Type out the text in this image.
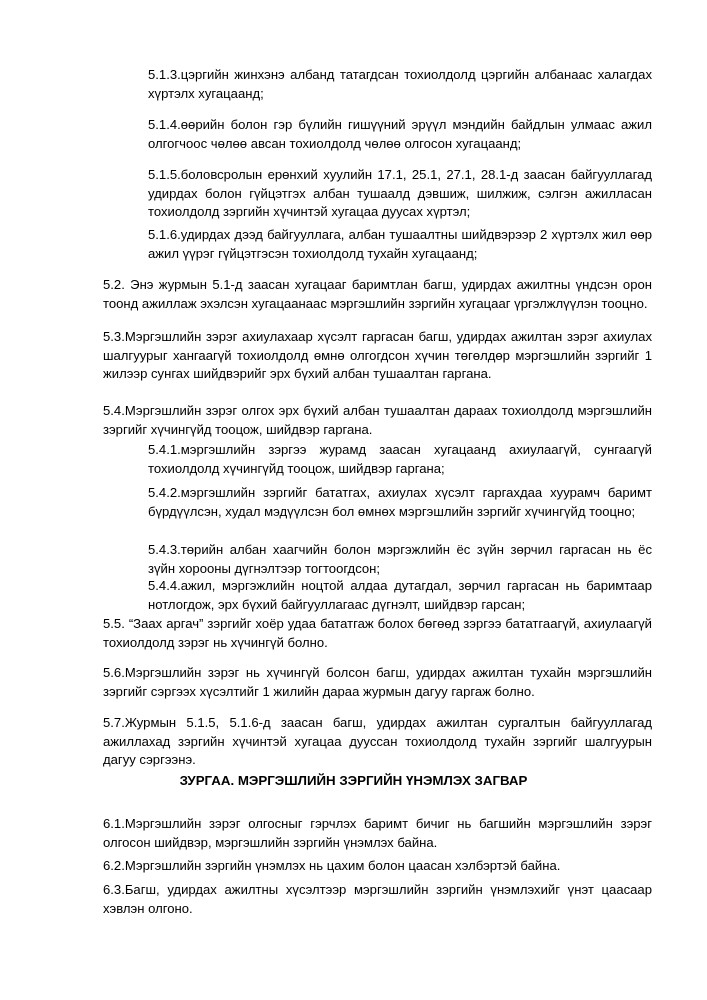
5.1.3.цэргийн жинхэнэ албанд татагдсан тохиолдолд цэргийн албанаас халагдах хүртэлх хугацаанд;

5.1.4.өөрийн болон гэр бүлийн гишүүний эрүүл мэндийн байдлын улмаас ажил олгогчоос чөлөө авсан тохиолдолд чөлөө олгосон хугацаанд;

5.1.5.боловсролын ерөнхий хуулийн 17.1, 25.1, 27.1, 28.1-д заасан байгууллагад удирдах болон гүйцэтгэх албан тушаалд дэвшиж, шилжиж, сэлгэн ажилласан тохиолдолд зэргийн хүчинтэй хугацаа дуусах хүртэл;

5.1.6.удирдах дээд байгууллага, албан тушаалтны шийдвэрээр 2 хүртэлх жил өөр ажил үүрэг гүйцэтгэсэн тохиолдолд тухайн хугацаанд;

5.2. Энэ журмын 5.1-д заасан хугацааг баримтлан багш, удирдах ажилтны үндсэн орон тоонд ажиллаж эхэлсэн хугацаанаас мэргэшлийн зэргийн хугацааг үргэлжлүүлэн тооцно.

5.3.Мэргэшлийн зэрэг ахиулахаар хүсэлт гаргасан багш, удирдах ажилтан зэрэг ахиулах шалгуурыг хангаагүй тохиолдолд өмнө олгогдсон хүчин төгөлдөр мэргэшлийн зэргийг 1 жилээр сунгах шийдвэрийг эрх бүхий албан тушаалтан гаргана.

5.4.Мэргэшлийн зэрэг олгох эрх бүхий албан тушаалтан дараах тохиолдолд мэргэшлийн зэргийг хүчингүйд тооцож, шийдвэр гаргана.

5.4.1.мэргэшлийн зэргээ журамд заасан хугацаанд ахиулаагүй, сунгаагүй тохиолдолд хүчингүйд тооцож, шийдвэр гаргана;

5.4.2.мэргэшлийн зэргийг бататгах, ахиулах хүсэлт гаргахдаа хуурамч баримт бүрдүүлсэн, худал мэдүүлсэн бол өмнөх мэргэшлийн зэргийг хүчингүйд тооцно;

5.4.3.төрийн албан хаагчийн болон мэргэжлийн ёс зүйн зөрчил гаргасан нь ёс зүйн хорооны дүгнэлтээр тогтоогдсон;

5.4.4.ажил, мэргэжлийн ноцтой алдаа дутагдал, зөрчил гаргасан нь баримтаар нотлогдож, эрх бүхий байгууллагаас дүгнэлт, шийдвэр гарсан;

5.5. “Заах аргач” зэргийг хоёр удаа бататгаж болох бөгөөд зэргээ бататгаагүй, ахиулаагүй тохиолдолд зэрэг нь хүчингүй болно.

5.6.Мэргэшлийн зэрэг нь хүчингүй болсон багш, удирдах ажилтан тухайн мэргэшлийн зэргийг сэргээх хүсэлтийг 1 жилийн дараа журмын дагуу гаргаж болно.

5.7.Журмын 5.1.5, 5.1.6-д заасан багш, удирдах ажилтан сургалтын байгууллагад ажиллахад зэргийн хүчинтэй хугацаа дууссан тохиолдолд тухайн зэргийг шалгуурын дагуу сэргээнэ.

ЗУРГАА. МЭРГЭШЛИЙН ЗЭРГИЙН ҮНЭМЛЭХ ЗАГВАР

6.1.Мэргэшлийн зэрэг олгосныг гэрчлэх баримт бичиг нь багшийн мэргэшлийн зэрэг олгосон шийдвэр, мэргэшлийн зэргийн үнэмлэх байна.

6.2.Мэргэшлийн зэргийн үнэмлэх нь цахим болон цаасан хэлбэртэй байна.

6.3.Багш, удирдах ажилтны хүсэлтээр мэргэшлийн зэргийн үнэмлэхийг үнэт цаасаар хэвлэн олгоно.
